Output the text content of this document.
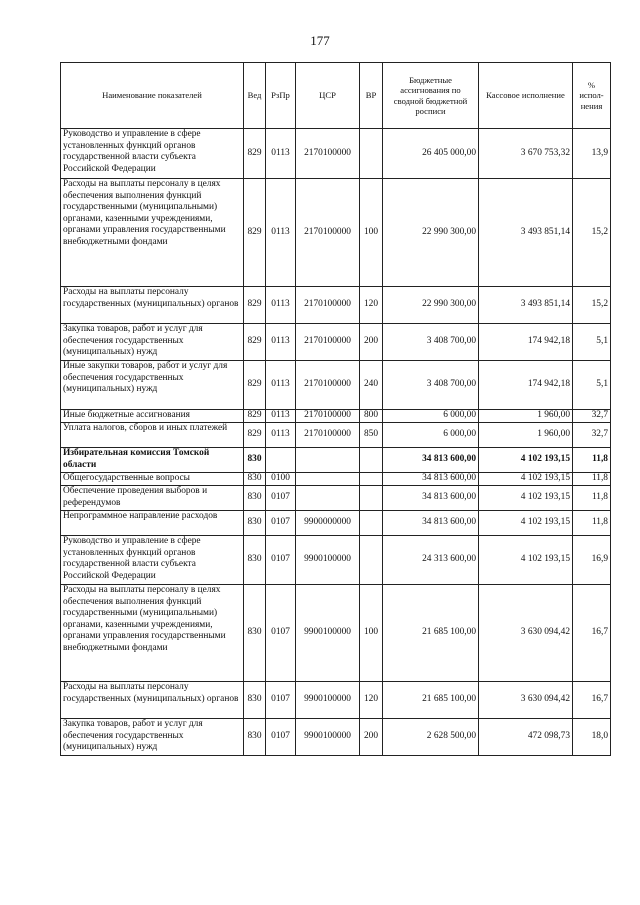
177
Наименование показателей	Вед	РзПр	ЦСР	ВР	Бюджетные ассигнования по сводной бюджетной росписи	Кассовое исполнение	% испол- нения
Руководство и управление в сфере установленных функций органов государственной власти субъекта Российской Федерации	829	0113	2170100000		26 405 000,00	3 670 753,32	13,9
Расходы на выплаты персоналу в целях обеспечения выполнения функций государственными (муниципальными) органами, казенными учреждениями, органами управления государственными внебюджетными фондами	829	0113	2170100000	100	22 990 300,00	3 493 851,14	15,2
Расходы на выплаты персоналу государственных (муниципальных) органов	829	0113	2170100000	120	22 990 300,00	3 493 851,14	15,2
Закупка товаров, работ и услуг для обеспечения государственных (муниципальных) нужд	829	0113	2170100000	200	3 408 700,00	174 942,18	5,1
Иные закупки товаров, работ и услуг для обеспечения государственных (муниципальных) нужд	829	0113	2170100000	240	3 408 700,00	174 942,18	5,1
Иные бюджетные ассигнования	829	0113	2170100000	800	6 000,00	1 960,00	32,7
Уплата налогов, сборов и иных платежей	829	0113	2170100000	850	6 000,00	1 960,00	32,7
Избирательная комиссия Томской области	830				34 813 600,00	4 102 193,15	11,8
Общегосударственные вопросы	830	0100			34 813 600,00	4 102 193,15	11,8
Обеспечение проведения выборов и референдумов	830	0107			34 813 600,00	4 102 193,15	11,8
Непрограммное направление расходов	830	0107	9900000000		34 813 600,00	4 102 193,15	11,8
Руководство и управление в сфере установленных функций органов государственной власти субъекта Российской Федерации	830	0107	9900100000		24 313 600,00	4 102 193,15	16,9
Расходы на выплаты персоналу в целях обеспечения выполнения функций государственными (муниципальными) органами, казенными учреждениями, органами управления государственными внебюджетными фондами	830	0107	9900100000	100	21 685 100,00	3 630 094,42	16,7
Расходы на выплаты персоналу государственных (муниципальных) органов	830	0107	9900100000	120	21 685 100,00	3 630 094,42	16,7
Закупка товаров, работ и услуг для обеспечения государственных (муниципальных) нужд	830	0107	9900100000	200	2 628 500,00	472 098,73	18,0
